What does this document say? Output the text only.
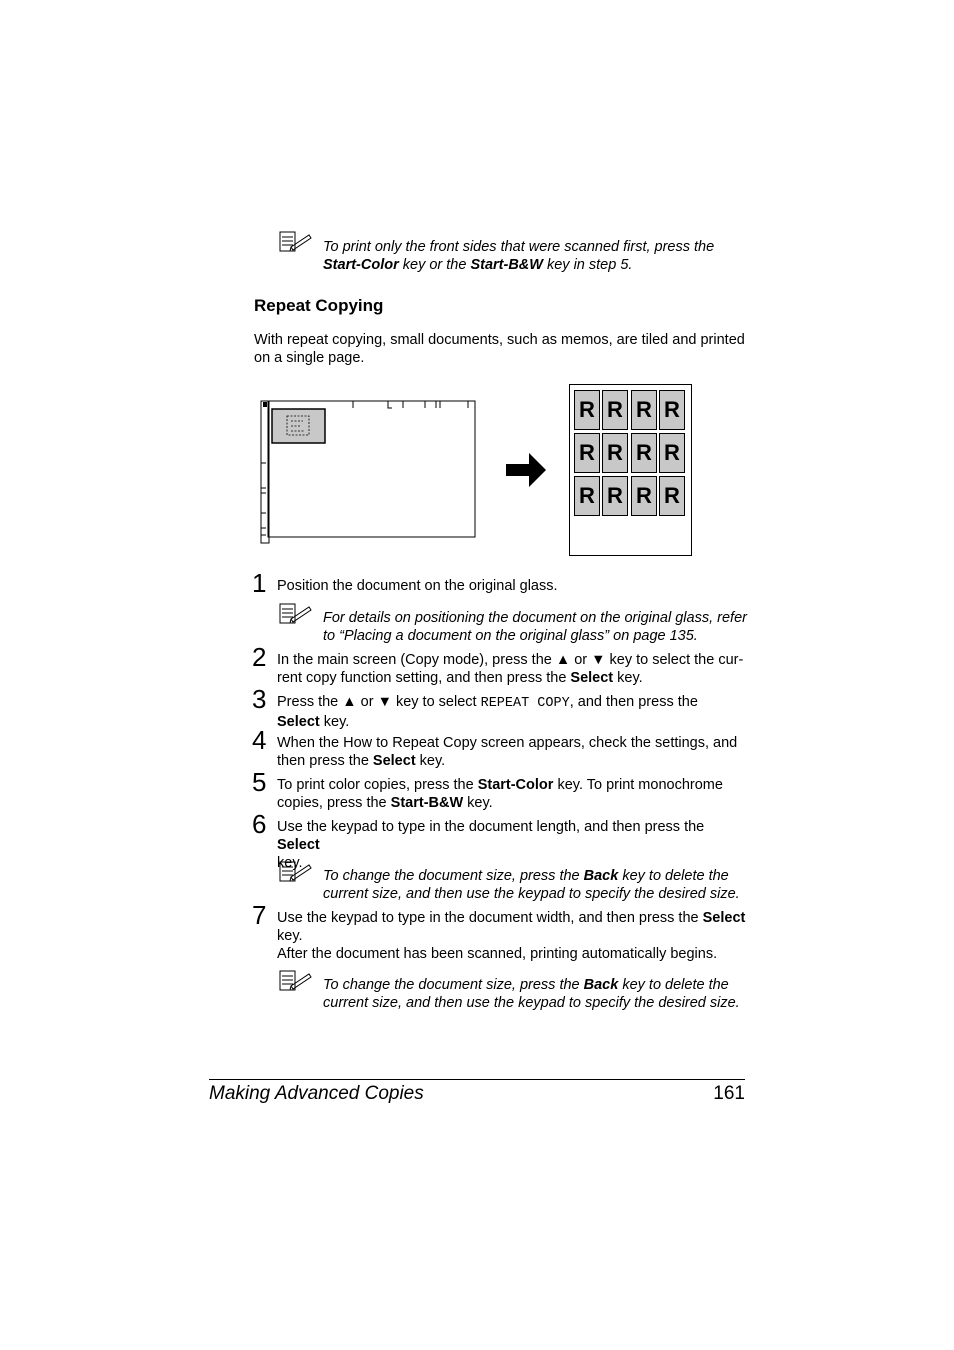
To print only the front sides that were scanned first, press the
Start-Color key or the Start-B&W key in step 5.
Repeat Copying
With repeat copying, small documents, such as memos, are tiled and printed
on a single page.
R R R R
R R R R
R R R R
1 Position the document on the original glass.
For details on positioning the document on the original glass, refer
to “Placing a document on the original glass” on page 135.
2 In the main screen (Copy mode), press the ▲ or ▼ key to select the cur-
rent copy function setting, and then press the Select key.
3 Press the ▲ or ▼ key to select REPEAT COPY, and then press the
Select key.
4 When the How to Repeat Copy screen appears, check the settings, and
then press the Select key.
5 To print color copies, press the Start-Color key. To print monochrome
copies, press the Start-B&W key.
6 Use the keypad to type in the document length, and then press the Select
key.
To change the document size, press the Back key to delete the
current size, and then use the keypad to specify the desired size.
7 Use the keypad to type in the document width, and then press the Select
key.
After the document has been scanned, printing automatically begins.
To change the document size, press the Back key to delete the
current size, and then use the keypad to specify the desired size.
Making Advanced Copies	161
